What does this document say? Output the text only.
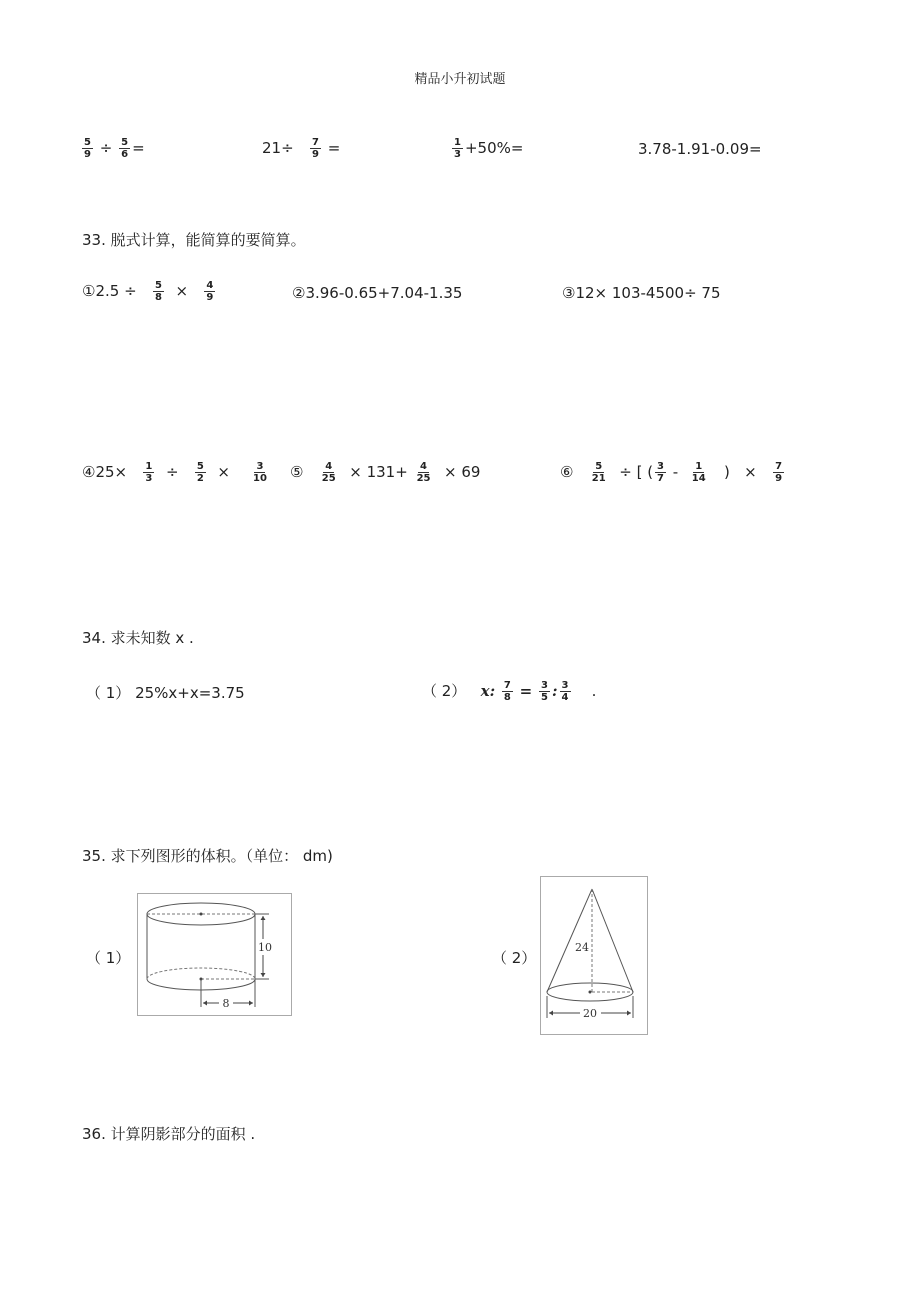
精品小升初试题
$\frac{5}{9} \div \frac{5}{6}$ =	$21\div \frac{7}{9}$ =	$\frac{1}{3} +50\%=$	3.78-1.91-0.09=
33. 脱式计算，能简算的要简算。
①2.5 ÷ $\frac{5}{8} \times \frac{4}{9}$	②3.96-0.65+7.04-1.35	③12× 103-4500÷ 75
④25× $\frac{1}{3} \div \frac{5}{2} \times \frac{3}{10}$ ⑤ $\frac{4}{25} \times 131+ \frac{4}{25} \times 69$	⑥ $\frac{5}{21}$ ÷ [ ( $\frac{3}{7} - \frac{1}{14}$ ) × $\frac{7}{9}$
34. 求未知数 x .
（ 1） 25%x+x=3.75	（ 2） x: $\frac{7}{8} = \frac{3}{5}$ : $\frac{3}{4}$ .
35. 求下列图形的体积。（单位： dm)
（ 1）	（ 2）
8
10	24
20
36. 计算阴影部分的面积 .
